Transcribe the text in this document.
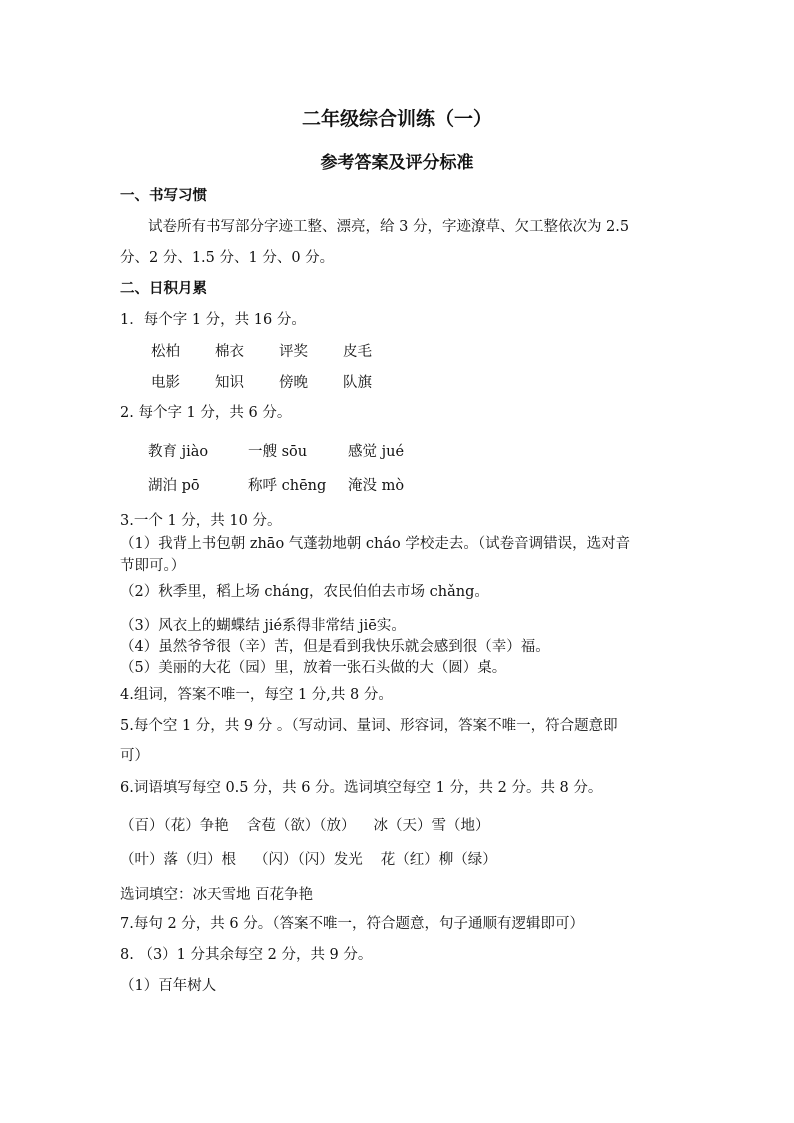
二年级综合训练（一）
参考答案及评分标准
一、书写习惯
试卷所有书写部分字迹工整、漂亮，给 3 分，字迹潦草、欠工整依次为 2.5
分、2 分、1.5 分、1 分、0 分。
二、日积月累
1．每个字 1 分，共 16 分。
松柏 棉衣 评奖 皮毛
电影 知识 傍晚 队旗
2. 每个字 1 分，共 6 分。
教育 jiào	一艘 sōu	感觉 jué
湖泊 pō	称呼 chēng 淹没 mò
3.一个 1 分，共 10 分。
（1）我背上书包朝 zhāo 气蓬勃地朝 cháo 学校走去。（试卷音调错误，选对音
节即可。）
（2）秋季里，稻上场 cháng，农民伯伯去市场 chǎng。
（3）风衣上的蝴蝶结 jié系得非常结 jiē实。
（4）虽然爷爷很（辛）苦，但是看到我快乐就会感到很（幸）福。
（5）美丽的大花（园）里，放着一张石头做的大（圆）桌。
4.组词，答案不唯一，每空 1 分,共 8 分。
5.每个空 1 分，共 9 分 。（写动词、量词、形容词，答案不唯一，符合题意即
可）
6.词语填写每空 0.5 分，共 6 分。选词填空每空 1 分，共 2 分。共 8 分。
（百）（花）争艳 含苞（欲）（放） 冰（天）雪（地）
（叶）落（归）根 （闪）（闪）发光 花（红）柳（绿）
选词填空：冰天雪地 百花争艳
7.每句 2 分，共 6 分。（答案不唯一，符合题意，句子通顺有逻辑即可）
8. （3）1 分其余每空 2 分，共 9 分。
（1）百年树人
